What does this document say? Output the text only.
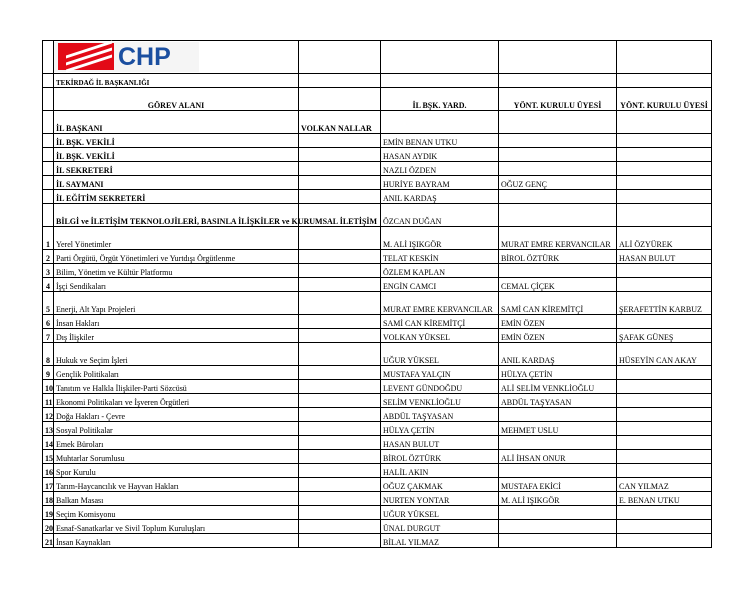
	CHP				

	TEKİRDAĞ İL BAŞKANLIĞI				
	GÖREV ALANI		İL BŞK. YARD.	YÖNT. KURULU ÜYESİ	YÖNT. KURULU ÜYESİ
	İL BAŞKANI	VOLKAN NALLAR			
	İL BŞK. VEKİLİ		EMİN BENAN UTKU		
	İL BŞK. VEKİLİ		HASAN AYDIK		
	İL SEKRETERİ		NAZLI ÖZDEN		
	İL SAYMANI		HURİYE BAYRAM	OĞUZ GENÇ	
	İL EĞİTİM SEKRETERİ		ANIL KARDAŞ		
	BİLGİ ve İLETİŞİM TEKNOLOJİLERİ, BASINLA İLİŞKİLER ve KURUMSAL İLETİŞİM		ÖZCAN DUĞAN		
1	Yerel Yönetimler		M. ALİ IŞIKGÖR	MURAT EMRE KERVANCILAR	ALİ ÖZYÜREK
2	Parti Örgütü, Örgüt Yönetimleri ve Yurtdışı Örgütlenme		TELAT KESKİN	BİROL ÖZTÜRK	HASAN BULUT
3	Bilim, Yönetim ve Kültür Platformu		ÖZLEM KAPLAN		
4	İşçi Sendikaları		ENGİN CAMCI	CEMAL ÇİÇEK	
5	Enerji, Alt Yapı Projeleri		MURAT EMRE KERVANCILAR	SAMİ CAN KİREMİTÇİ	ŞERAFETTİN KARBUZ
6	İnsan Hakları		SAMİ CAN KİREMİTÇİ	EMİN ÖZEN	
7	Dış İlişkiler		VOLKAN YÜKSEL	EMİN ÖZEN	ŞAFAK GÜNEŞ
8	Hukuk ve Seçim İşleri		UĞUR YÜKSEL	ANIL KARDAŞ	HÜSEYİN CAN AKAY
9	Gençlik Politikaları		MUSTAFA YALÇIN	HÜLYA ÇETİN	
10	Tanıtım ve Halkla İlişkiler-Parti Sözcüsü		LEVENT GÜNDOĞDU	ALİ SELİM VENKLİOĞLU	
11	Ekonomi Politikaları ve İşveren Örgütleri		SELİM VENKLİOĞLU	ABDÜL TAŞYASAN	
12	Doğa Hakları - Çevre		ABDÜL TAŞYASAN		
13	Sosyal Politikalar		HÜLYA ÇETİN	MEHMET USLU	
14	Emek Büroları		HASAN BULUT		
15	Muhtarlar Sorumlusu		BİROL ÖZTÜRK	ALİ İHSAN ONUR	
16	Spor Kurulu		HALİL AKIN		
17	Tarım-Haycancılık ve Hayvan Hakları		OĞUZ ÇAKMAK	MUSTAFA EKİCİ	CAN YILMAZ
18	Balkan Masası		NURTEN YONTAR	M. ALİ IŞIKGÖR	E. BENAN UTKU
19	Seçim Komisyonu		UĞUR YÜKSEL		
20	Esnaf-Sanatkarlar ve Sivil Toplum Kuruluşları		ÜNAL DURGUT		
21	İnsan Kaynakları		BİLAL YILMAZ		
